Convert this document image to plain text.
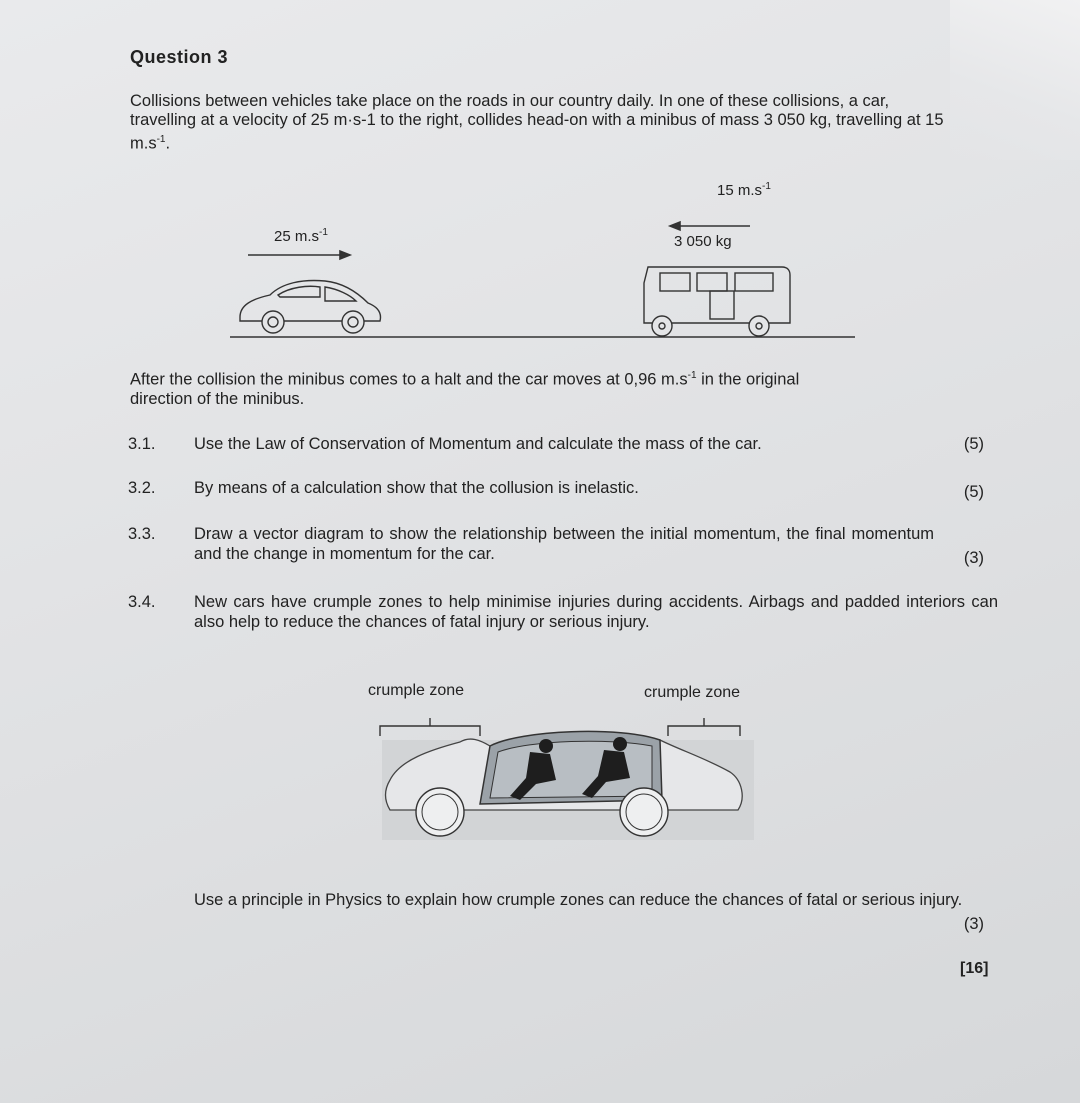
Question 3

Collisions between vehicles take place on the roads in our country daily. In one of these collisions, a car, travelling at a velocity of 25 m·s-1 to the right, collides head-on with a minibus of mass 3 050 kg, travelling at 15 $m.s^{-1}$.

15 $m.s^{-1}$
3 050 kg
25 $m.s^{-1}$

After the collision the minibus comes to a halt and the car moves at 0,96 $m.s^{-1}$ in the original

direction of the minibus.

3.1. Use the Law of Conservation of Momentum and calculate the mass of the car.	(5)
3.2. By means of a calculation show that the collusion is inelastic.	(5)
3.3. Draw a vector diagram to show the relationship between the initial momentum, the final momentum and the change in momentum for the car.	(3)
3.4. New cars have crumple zones to help minimise injuries during accidents. Airbags and padded interiors can also help to reduce the chances of fatal injury or serious injury.

crumple zone	crumple zone

Use a principle in Physics to explain how crumple zones can reduce the chances of fatal or serious injury.

(3)
[16]
